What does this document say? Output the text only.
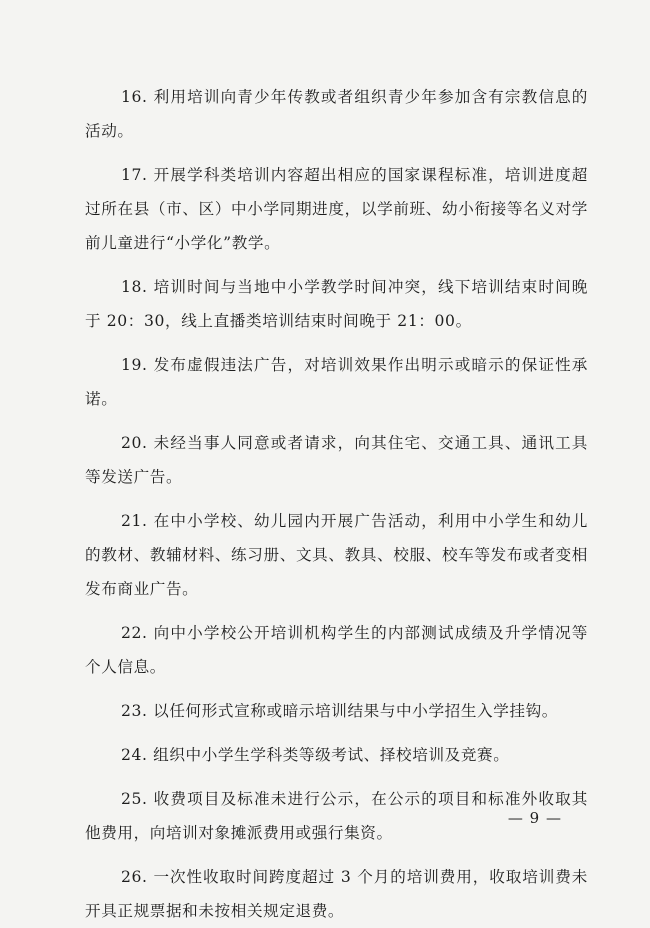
16. 利用培训向青少年传教或者组织青少年参加含有宗教信息的活动。

17. 开展学科类培训内容超出相应的国家课程标准，培训进度超过所在县（市、区）中小学同期进度，以学前班、幼小衔接等名义对学前儿童进行“小学化”教学。

18. 培训时间与当地中小学教学时间冲突，线下培训结束时间晚于 20：30，线上直播类培训结束时间晚于 21：00。

19. 发布虚假违法广告，对培训效果作出明示或暗示的保证性承诺。

20. 未经当事人同意或者请求，向其住宅、交通工具、通讯工具等发送广告。

21. 在中小学校、幼儿园内开展广告活动，利用中小学生和幼儿的教材、教辅材料、练习册、文具、教具、校服、校车等发布或者变相发布商业广告。

22. 向中小学校公开培训机构学生的内部测试成绩及升学情况等个人信息。

23. 以任何形式宣称或暗示培训结果与中小学招生入学挂钩。

24. 组织中小学生学科类等级考试、择校培训及竞赛。

25. 收费项目及标准未进行公示，在公示的项目和标准外收取其他费用，向培训对象摊派费用或强行集资。

26. 一次性收取时间跨度超过 3 个月的培训费用，收取培训费未开具正规票据和未按相关规定退费。

— 9 —
